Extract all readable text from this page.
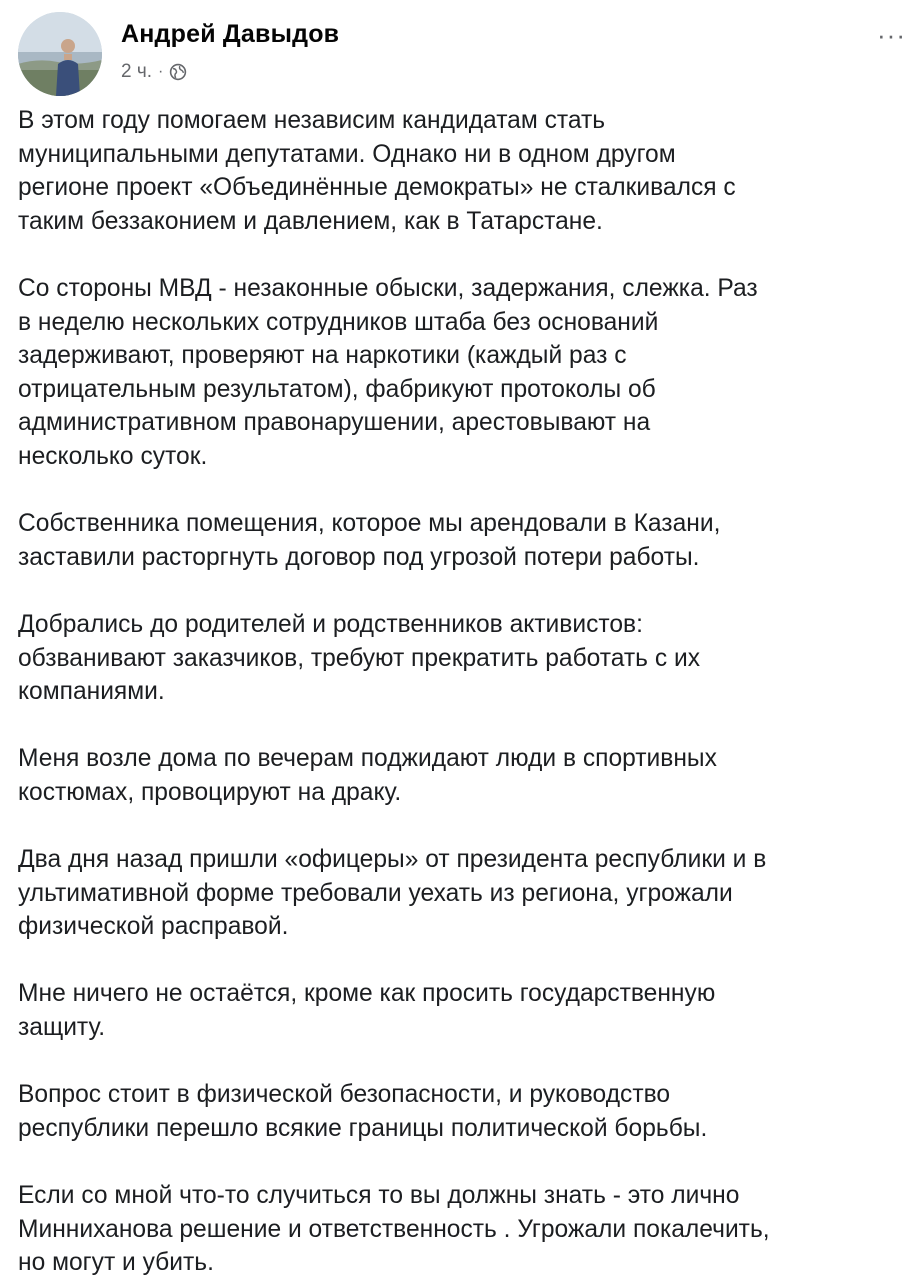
Андрей Давыдов
2 ч. ·
···

В этом году помогаем независим кандидатам стать
муниципальными депутатами. Однако ни в одном другом
регионе проект «Объединённые демократы» не сталкивался с
таким беззаконием и давлением, как в Татарстане.

Со стороны МВД - незаконные обыски, задержания, слежка. Раз
в неделю нескольких сотрудников штаба без оснований
задерживают, проверяют на наркотики (каждый раз с
отрицательным результатом), фабрикуют протоколы об
административном правонарушении, арестовывают на
несколько суток.

Собственника помещения, которое мы арендовали в Казани,
заставили расторгнуть договор под угрозой потери работы.

Добрались до родителей и родственников активистов:
обзванивают заказчиков, требуют прекратить работать с их
компаниями.

Меня возле дома по вечерам поджидают люди в спортивных
костюмах, провоцируют на драку.

Два дня назад пришли «офицеры» от президента республики и в
ультимативной форме требовали уехать из региона, угрожали
физической расправой.

Мне ничего не остаётся, кроме как просить государственную
защиту.

Вопрос стоит в физической безопасности, и руководство
республики перешло всякие границы политической борьбы.

Если со мной что-то случиться то вы должны знать - это лично
Минниханова решение и ответственность . Угрожали покалечить,
но могут и убить.
